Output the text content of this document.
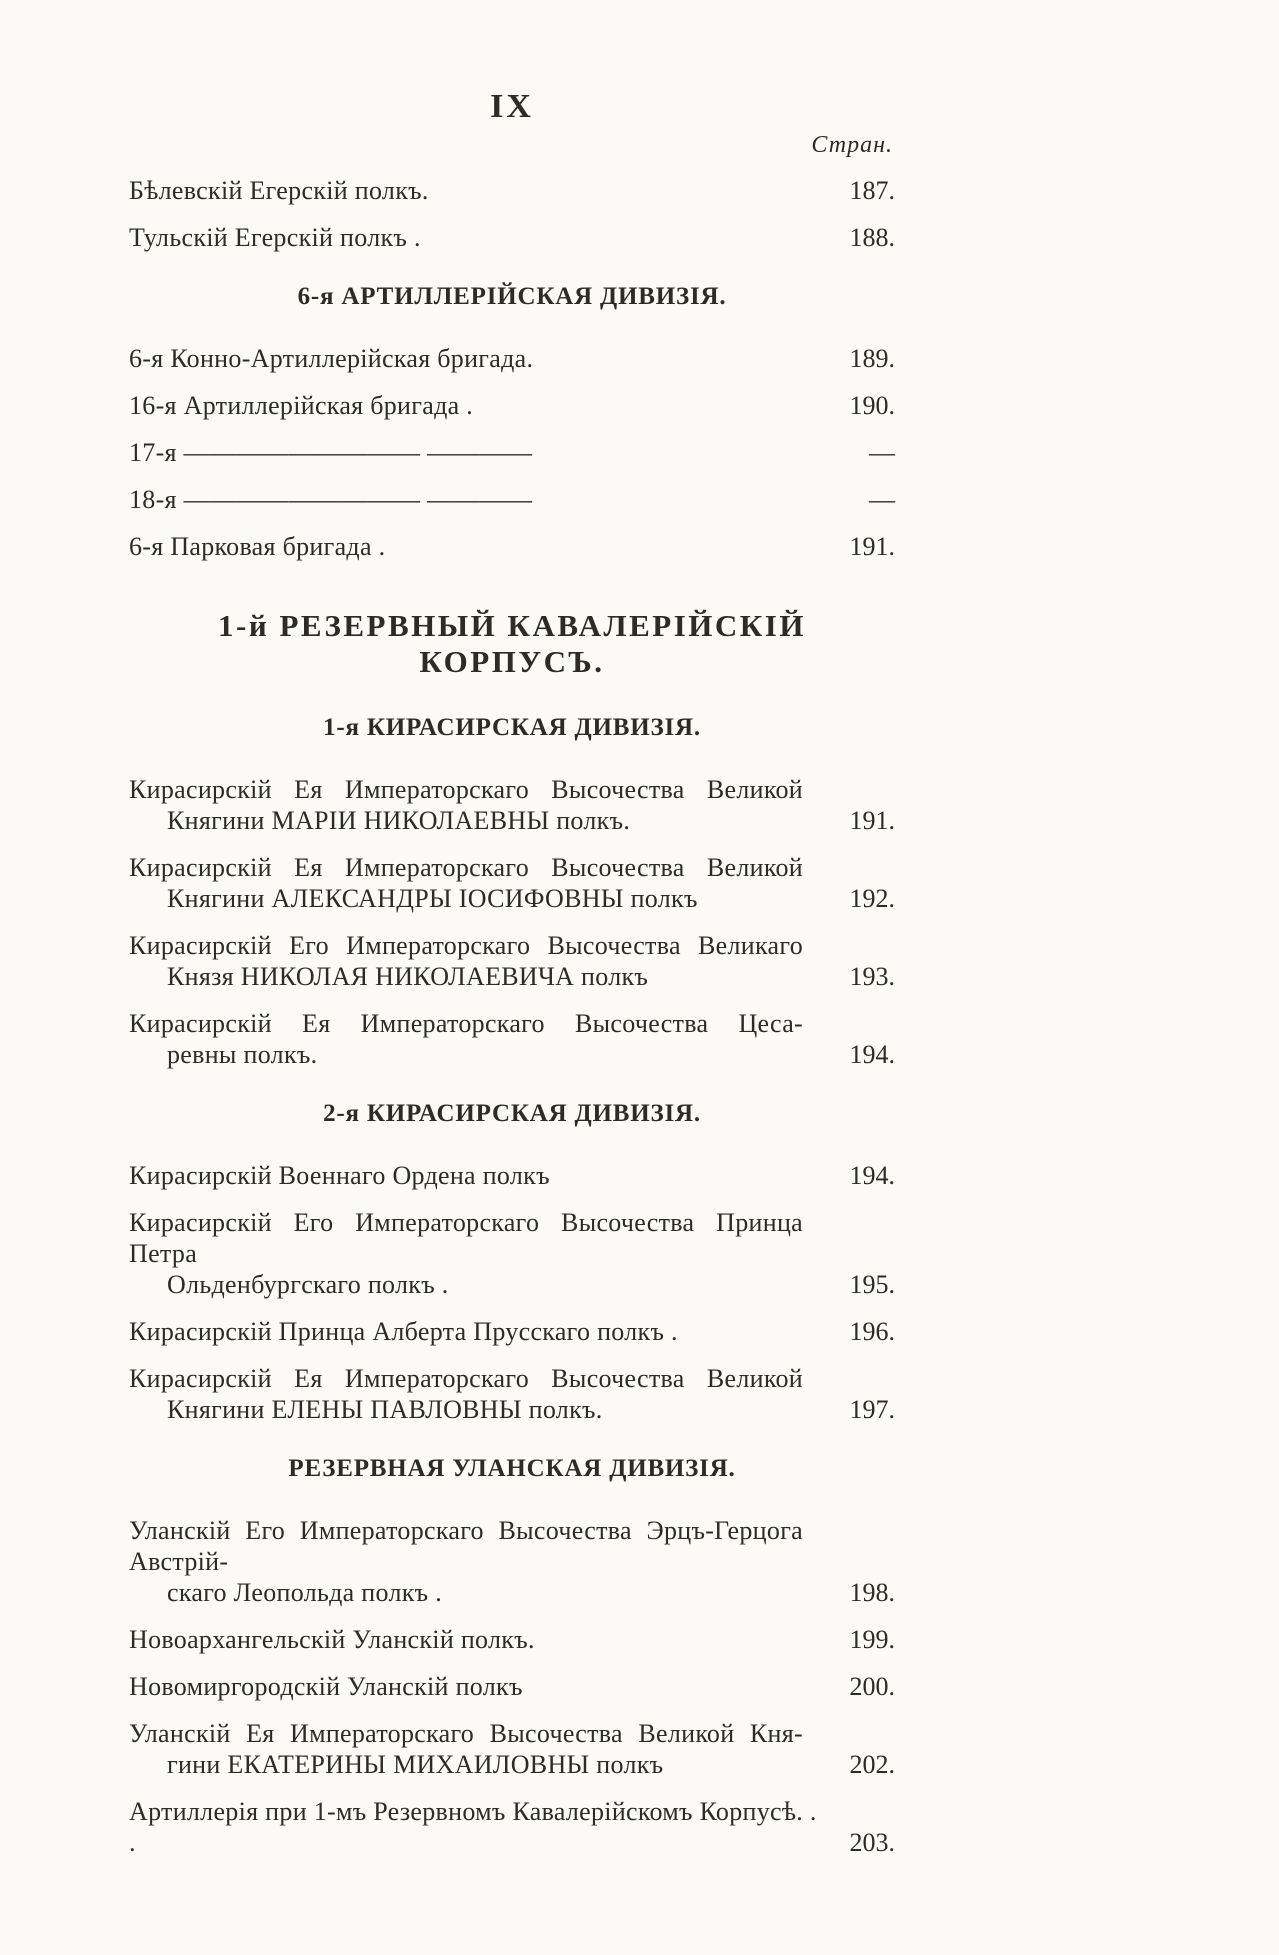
IX
Стран.
Бѣлевскій Егерскій полкъ.	187.
Тульскій Егерскій полкъ .	188.
6-я АРТИЛЛЕРІЙСКАЯ ДИВИЗІЯ.
6-я Конно-Артиллерійская бригада.	189.
16-я Артиллерійская бригада .	190.
17-я ————————— ————	—
18-я ————————— ————	—
6-я Парковая бригада .	191.
1-й РЕЗЕРВНЫЙ КАВАЛЕРІЙСКІЙ КОРПУСЪ.
1-я КИРАСИРСКАЯ ДИВИЗІЯ.
Кирасирскій Ея Императорскаго Высочества Великой
Княгини МАРІИ НИКОЛАЕВНЫ полкъ.	191.
Кирасирскій Ея Императорскаго Высочества Великой
Княгини АЛЕКСАНДРЫ ІОСИФОВНЫ полкъ	192.
Кирасирскій Его Императорскаго Высочества Великаго
Князя НИКОЛАЯ НИКОЛАЕВИЧА полкъ	193.
Кирасирскій Ея Императорскаго Высочества Цеса-
ревны полкъ.	194.
2-я КИРАСИРСКАЯ ДИВИЗІЯ.
Кирасирскій Военнаго Ордена полкъ	194.
Кирасирскій Его Императорскаго Высочества Принца Петра
Ольденбургскаго полкъ .	195.
Кирасирскій Принца Алберта Прусскаго полкъ .	196.
Кирасирскій Ея Императорскаго Высочества Великой
Княгини ЕЛЕНЫ ПАВЛОВНЫ полкъ.	197.
РЕЗЕРВНАЯ УЛАНСКАЯ ДИВИЗІЯ.
Уланскій Его Императорскаго Высочества Эрцъ-Герцога Австрій-
скаго Леопольда полкъ .	198.
Новоархангельскій Уланскій полкъ.	199.
Новомиргородскій Уланскій полкъ	200.
Уланскій Ея Императорскаго Высочества Великой Кня-
гини ЕКАТЕРИНЫ МИХАИЛОВНЫ полкъ	202.
Артиллерія при 1-мъ Резервномъ Кавалерійскомъ Корпусѣ. . .	203.
